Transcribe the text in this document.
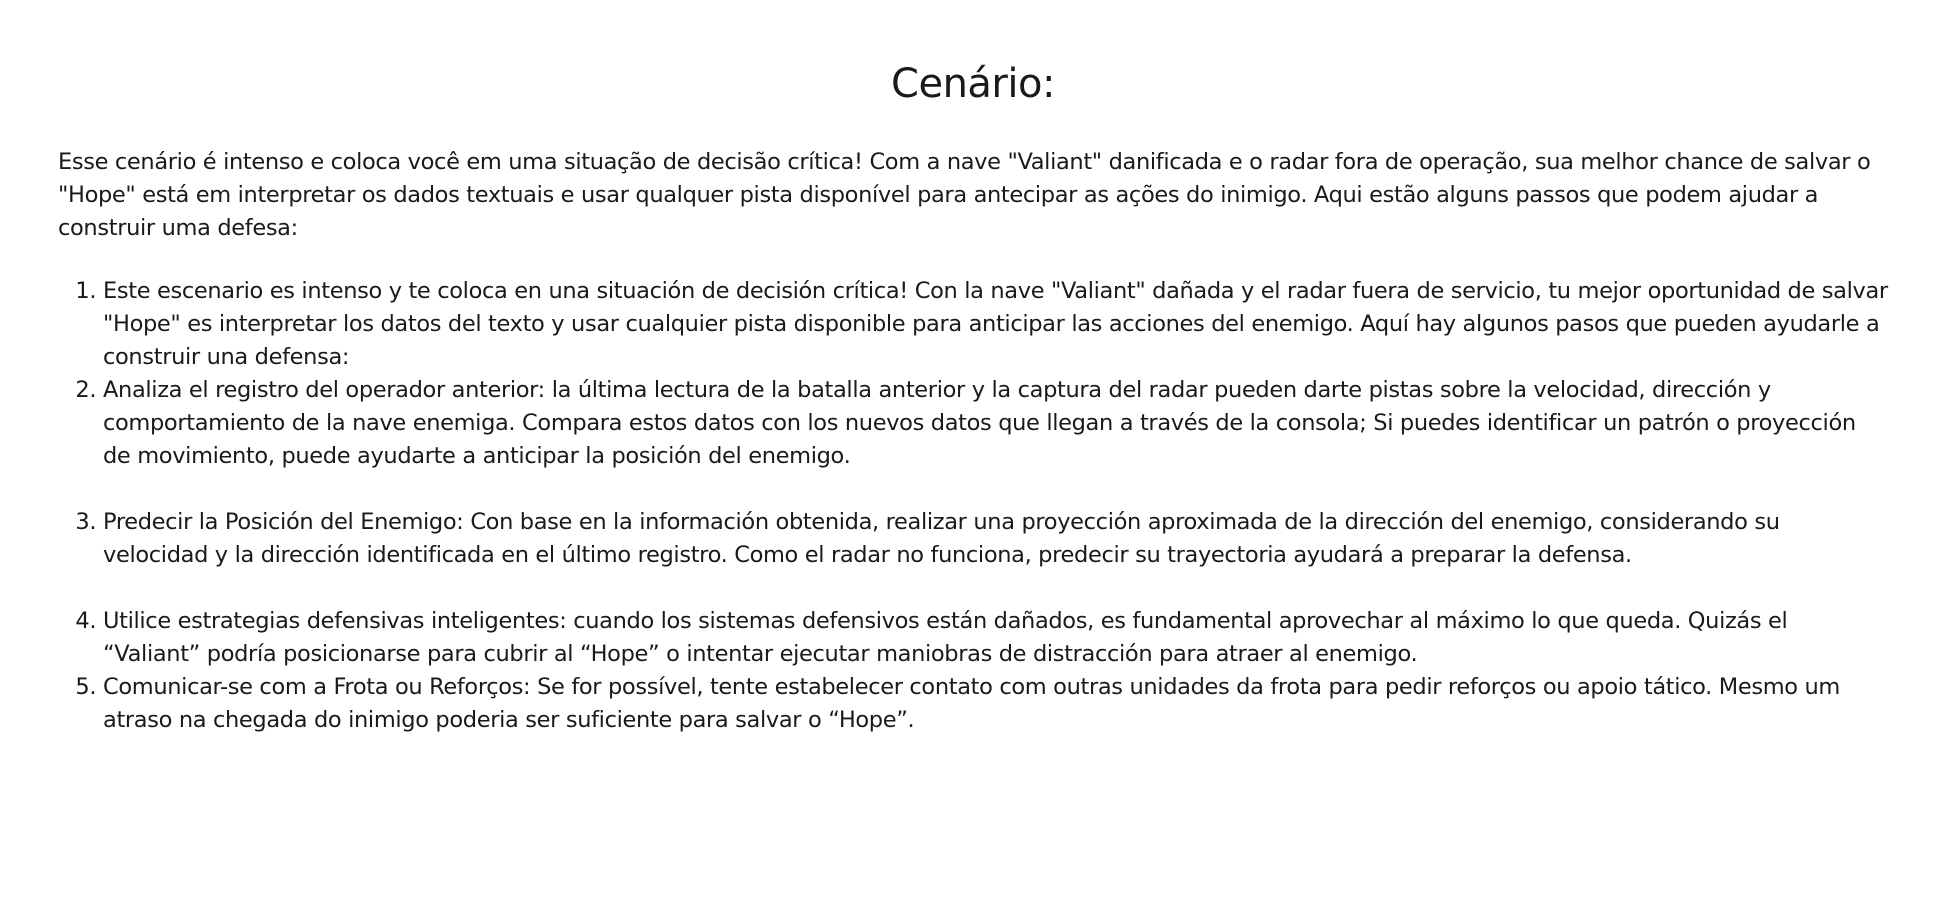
Cenário:

Esse cenário é intenso e coloca você em uma situação de decisão crítica! Com a nave "Valiant" danificada e o radar fora de operação, sua melhor chance de salvar o "Hope" está em interpretar os dados textuais e usar qualquer pista disponível para antecipar as ações do inimigo. Aqui estão alguns passos que podem ajudar a construir uma defesa:

1. Este escenario es intenso y te coloca en una situación de decisión crítica! Con la nave "Valiant" dañada y el radar fuera de servicio, tu mejor oportunidad de salvar "Hope" es interpretar los datos del texto y usar cualquier pista disponible para anticipar las acciones del enemigo. Aquí hay algunos pasos que pueden ayudarle a construir una defensa:
2. Analiza el registro del operador anterior: la última lectura de la batalla anterior y la captura del radar pueden darte pistas sobre la velocidad, dirección y comportamiento de la nave enemiga. Compara estos datos con los nuevos datos que llegan a través de la consola; Si puedes identificar un patrón o proyección de movimiento, puede ayudarte a anticipar la posición del enemigo.
3. Predecir la Posición del Enemigo: Con base en la información obtenida, realizar una proyección aproximada de la dirección del enemigo, considerando su velocidad y la dirección identificada en el último registro. Como el radar no funciona, predecir su trayectoria ayudará a preparar la defensa.
4. Utilice estrategias defensivas inteligentes: cuando los sistemas defensivos están dañados, es fundamental aprovechar al máximo lo que queda. Quizás el “Valiant” podría posicionarse para cubrir al “Hope” o intentar ejecutar maniobras de distracción para atraer al enemigo.
5. Comunicar-se com a Frota ou Reforços: Se for possível, tente estabelecer contato com outras unidades da frota para pedir reforços ou apoio tático. Mesmo um atraso na chegada do inimigo poderia ser suficiente para salvar o “Hope”.
